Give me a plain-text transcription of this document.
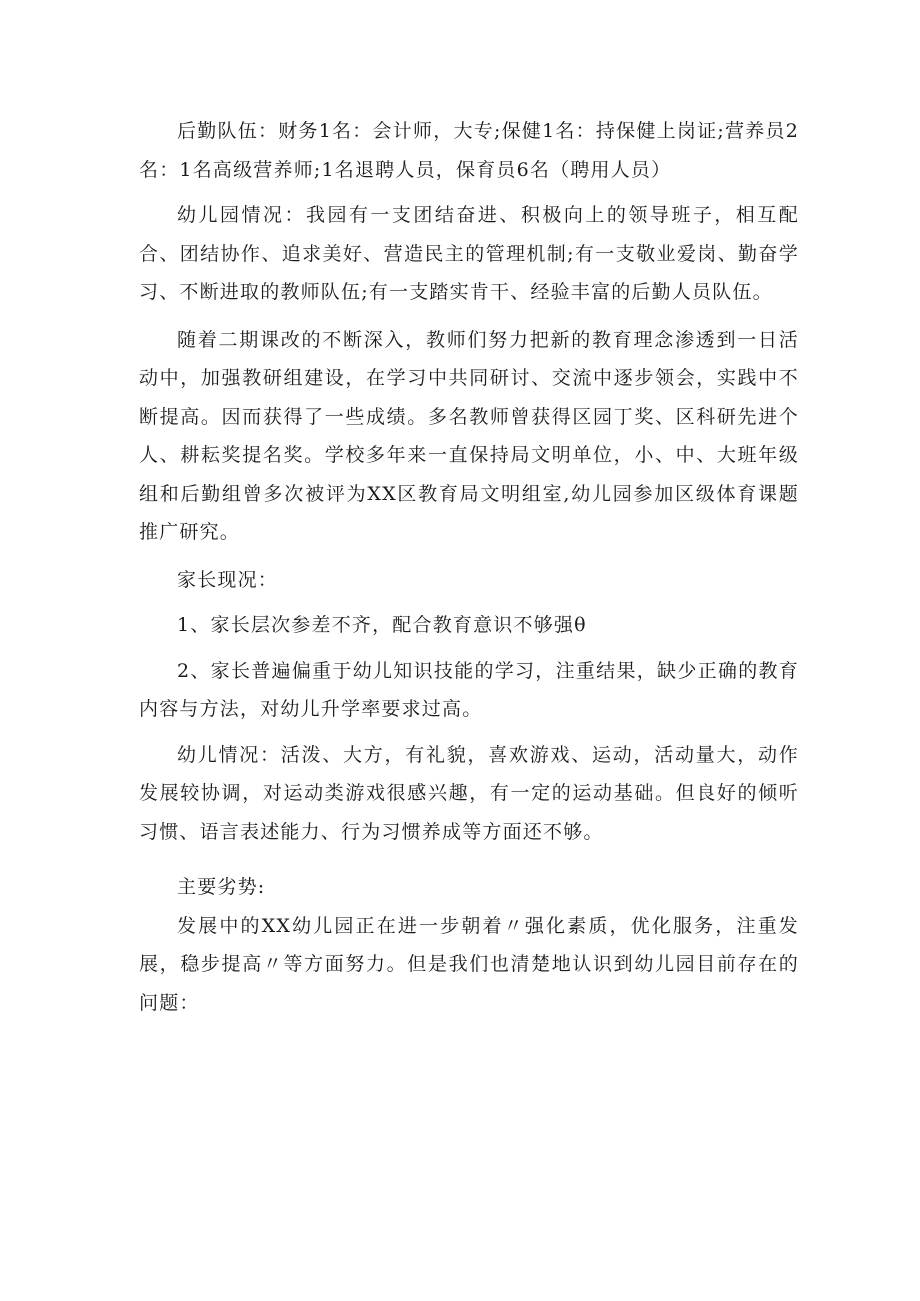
后勤队伍：财务1名：会计师，大专;保健1名：持保健上岗证;营养员2名：1名高级营养师;1名退聘人员，保育员6名（聘用人员）

幼儿园情况：我园有一支团结奋进、积极向上的领导班子，相互配合、团结协作、追求美好、营造民主的管理机制;有一支敬业爱岗、勤奋学习、不断进取的教师队伍;有一支踏实肯干、经验丰富的后勤人员队伍。

随着二期课改的不断深入，教师们努力把新的教育理念渗透到一日活动中，加强教研组建设，在学习中共同研讨、交流中逐步领会，实践中不断提高。因而获得了一些成绩。多名教师曾获得区园丁奖、区科研先进个人、耕耘奖提名奖。学校多年来一直保持局文明单位，小、中、大班年级组和后勤组曾多次被评为XX区教育局文明组室,幼儿园参加区级体育课题推广研究。

家长现况：

1、家长层次参差不齐，配合教育意识不够强θ

2、家长普遍偏重于幼儿知识技能的学习，注重结果，缺少正确的教育内容与方法，对幼儿升学率要求过高。

幼儿情况：活泼、大方，有礼貌，喜欢游戏、运动，活动量大，动作发展较协调，对运动类游戏很感兴趣，有一定的运动基础。但良好的倾听习惯、语言表述能力、行为习惯养成等方面还不够。

主要劣势:

发展中的XX幼儿园正在进一步朝着〃强化素质，优化服务，注重发展，稳步提高〃等方面努力。但是我们也清楚地认识到幼儿园目前存在的问题：
